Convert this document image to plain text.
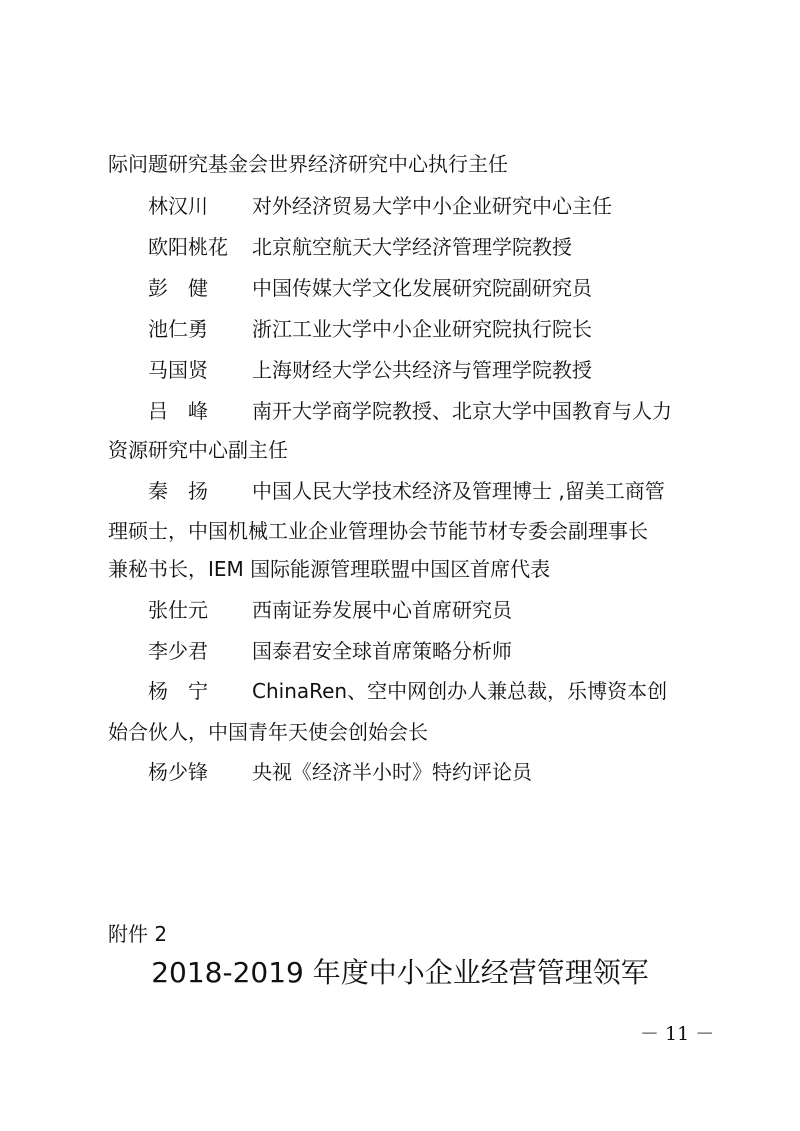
际问题研究基金会世界经济研究中心执行主任
林汉川 对外经济贸易大学中小企业研究中心主任
欧阳桃花 北京航空航天大学经济管理学院教授
彭 健 中国传媒大学文化发展研究院副研究员
池仁勇 浙江工业大学中小企业研究院执行院长
马国贤 上海财经大学公共经济与管理学院教授
吕 峰 南开大学商学院教授、北京大学中国教育与人力
资源研究中心副主任
秦 扬 中国人民大学技术经济及管理博士 ,留美工商管
理硕士，中国机械工业企业管理协会节能节材专委会副理事长
兼秘书长，IEM 国际能源管理联盟中国区首席代表
张仕元 西南证券发展中心首席研究员
李少君 国泰君安全球首席策略分析师
杨 宁 ChinaRen、空中网创办人兼总裁，乐博资本创
始合伙人，中国青年天使会创始会长
杨少锋 央视《经济半小时》特约评论员
附件 2
2018-2019 年度中小企业经营管理领军
－ 11 －
